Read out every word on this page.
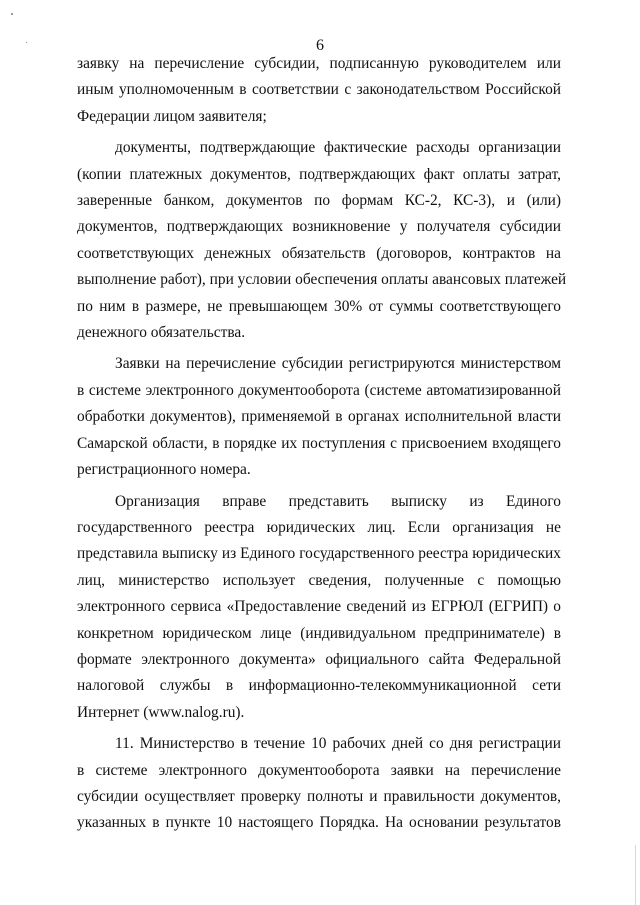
6

заявку на перечисление субсидии, подписанную руководителем или
иным уполномоченным в соответствии с законодательством Российской
Федерации лицом заявителя;

документы, подтверждающие фактические расходы организации
(копии платежных документов, подтверждающих факт оплаты затрат,
заверенные банком, документов по формам КС-2, КС-3), и (или)
документов, подтверждающих возникновение у получателя субсидии
соответствующих денежных обязательств (договоров, контрактов на
выполнение работ), при условии обеспечения оплаты авансовых платежей
по ним в размере, не превышающем 30% от суммы соответствующего
денежного обязательства.

Заявки на перечисление субсидии регистрируются министерством
в системе электронного документооборота (системе автоматизированной
обработки документов), применяемой в органах исполнительной власти
Самарской области, в порядке их поступления с присвоением входящего
регистрационного номера.

Организация вправе представить выписку из Единого
государственного реестра юридических лиц. Если организация не
представила выписку из Единого государственного реестра юридических
лиц, министерство использует сведения, полученные с помощью
электронного сервиса «Предоставление сведений из ЕГРЮЛ (ЕГРИП) о
конкретном юридическом лице (индивидуальном предпринимателе) в
формате электронного документа» официального сайта Федеральной
налоговой службы в информационно-телекоммуникационной сети
Интернет (www.nalog.ru).

11. Министерство в течение 10 рабочих дней со дня регистрации
в системе электронного документооборота заявки на перечисление
субсидии осуществляет проверку полноты и правильности документов,
указанных в пункте 10 настоящего Порядка. На основании результатов
